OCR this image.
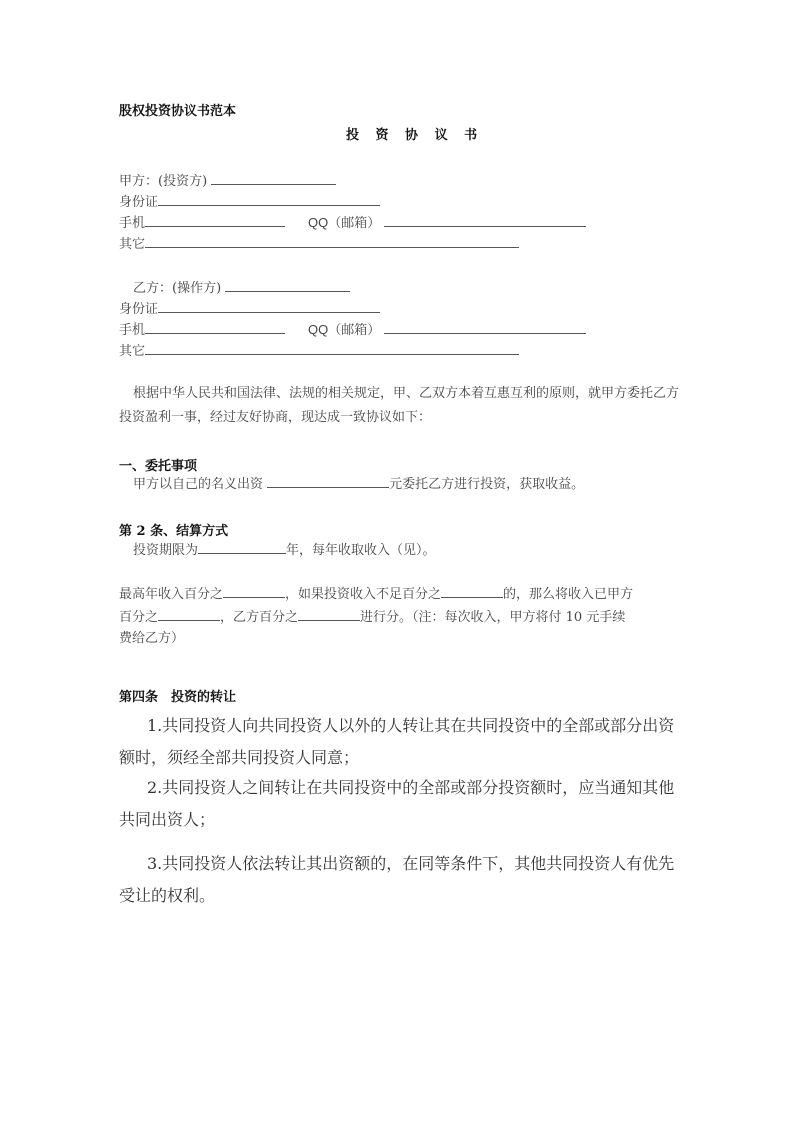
股权投资协议书范本
投 资 协 议 书
甲方：(投资方)
身份证
手机	QQ（邮箱）
其它
乙方：(操作方)
身份证
手机	QQ（邮箱）
其它
根据中华人民共和国法律、法规的相关规定，甲、乙双方本着互惠互利的原则，就甲方委托乙方投资盈利一事，经过友好协商，现达成一致协议如下：
一、委托事项
甲方以自己的名义出资	元委托乙方进行投资，获取收益。
第 2 条、结算方式
投资期限为	年，每年收取收入（见）。
最高年收入百分之	，如果投资收入不足百分之	的，那么将收入已甲方
百分之	，乙方百分之	进行分。（注：每次收入，甲方将付 10 元手续
费给乙方）
第四条　投资的转让
1.共同投资人向共同投资人以外的人转让其在共同投资中的全部或部分出资
额时，须经全部共同投资人同意；
2.共同投资人之间转让在共同投资中的全部或部分投资额时，应当通知其他
共同出资人；
3.共同投资人依法转让其出资额的，在同等条件下，其他共同投资人有优先
受让的权利。
